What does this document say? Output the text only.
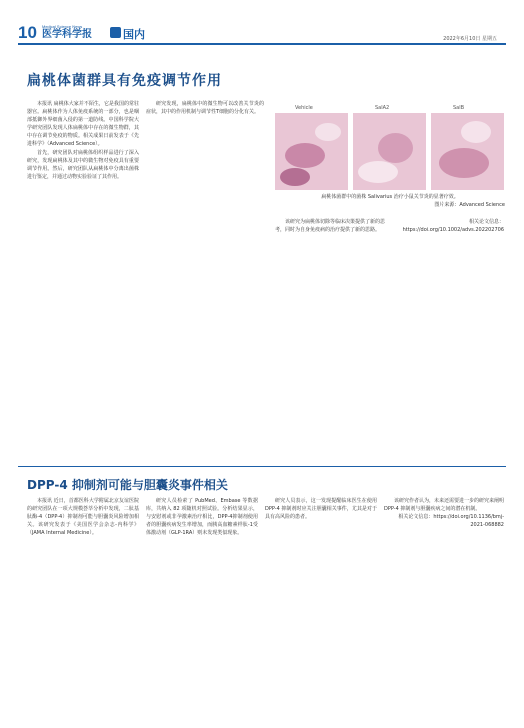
10 Medical Science News
医学科学报	国内	2022年6月10日 星期五
扁桃体菌群具有免疫调节作用

本报讯 扁桃体大家并不陌生，它是我国的常驻器官。扁桃体作为人体免疫系统的一部分，也是咽部抵御外界细菌入侵的第一道防线。中国科学院大学研究团队发现人体扁桃体中存在的微生物群，其中存在调节免疫的物质。相关成果日前发表于《先进科学》（Advanced Science）。

首先，研究团队对扁桃体组织样品进行了深入研究，发现扁桃体及其中的微生物对免疫具有重要调节作用。然后，研究团队从扁桃体中分离出菌株进行鉴定，并通过动物实验验证了其作用。

研究发现，扁桃体中的微生物可以改善关节炎的症状，其中的作用机制与调节性T细胞的分化有关。

Vehicle	SalA2	SalB
扁桃体菌群中的菌株 Salivarius 治疗小鼠关节炎的显著疗效。
图片来源：Advanced Science

该研究为扁桃体切除等临床决策提供了新的思考，同时为自身免疫病的治疗提供了新的思路。

相关论文信息：https://doi.org/10.1002/advs.202202706

DPP-4 抑制剂可能与胆囊炎事件相关

本报讯 近日，首都医科大学附属北京友谊医院的研究团队在一项大规模荟萃分析中发现，二肽基肽酶-4（DPP-4）抑制剂可能与胆囊炎风险增加相关。该研究发表于《美国医学会杂志-内科学》（JAMA Internal Medicine）。

研究人员检索了 PubMed、Embase 等数据库，共纳入 82 项随机对照试验。分析结果显示，与安慰剂或非孕激素治疗相比，DPP-4抑制剂使用者的胆囊疾病发生率增加，而胰高血糖素样肽-1受体激动剂（GLP-1RA）则未发现类似现象。

研究人员表示，这一发现提醒临床医生在使用 DPP-4 抑制剂时应关注胆囊相关事件，尤其是对于具有高风险的患者。

该研究作者认为，未来还需要进一步的研究来阐明 DPP-4 抑制剂与胆囊疾病之间的潜在机制。

相关论文信息：https://doi.org/10.1136/bmj-2021-068882
